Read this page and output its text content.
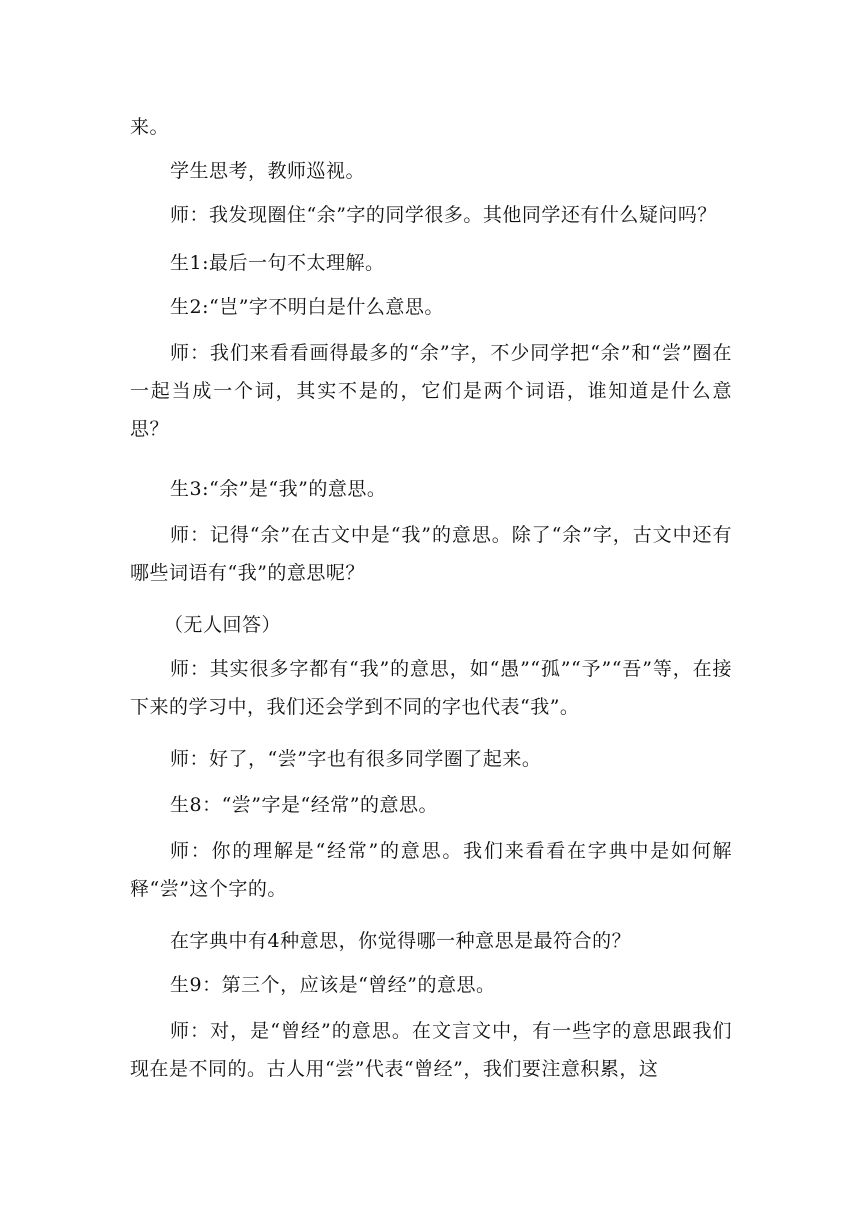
来。

学生思考，教师巡视。

师：我发现圈住“余”字的同学很多。其他同学还有什么疑问吗？

生1:最后一句不太理解。

生2:“岂”字不明白是什么意思。

师：我们来看看画得最多的“余”字，不少同学把“余”和“尝”圈在一起当成一个词，其实不是的，它们是两个词语，谁知道是什么意思？

生3:“余”是“我”的意思。

师：记得“余”在古文中是“我”的意思。除了“余”字，古文中还有哪些词语有“我”的意思呢？

（无人回答）

师：其实很多字都有“我”的意思，如“愚”“孤”“予”“吾”等，在接下来的学习中，我们还会学到不同的字也代表“我”。

师：好了，“尝”字也有很多同学圈了起来。

生8：“尝”字是“经常”的意思。

师：你的理解是“经常”的意思。我们来看看在字典中是如何解释“尝”这个字的。

在字典中有4种意思，你觉得哪一种意思是最符合的？

生9：第三个，应该是“曾经”的意思。

师：对，是“曾经”的意思。在文言文中，有一些字的意思跟我们现在是不同的。古人用“尝”代表“曾经”，我们要注意积累，这
